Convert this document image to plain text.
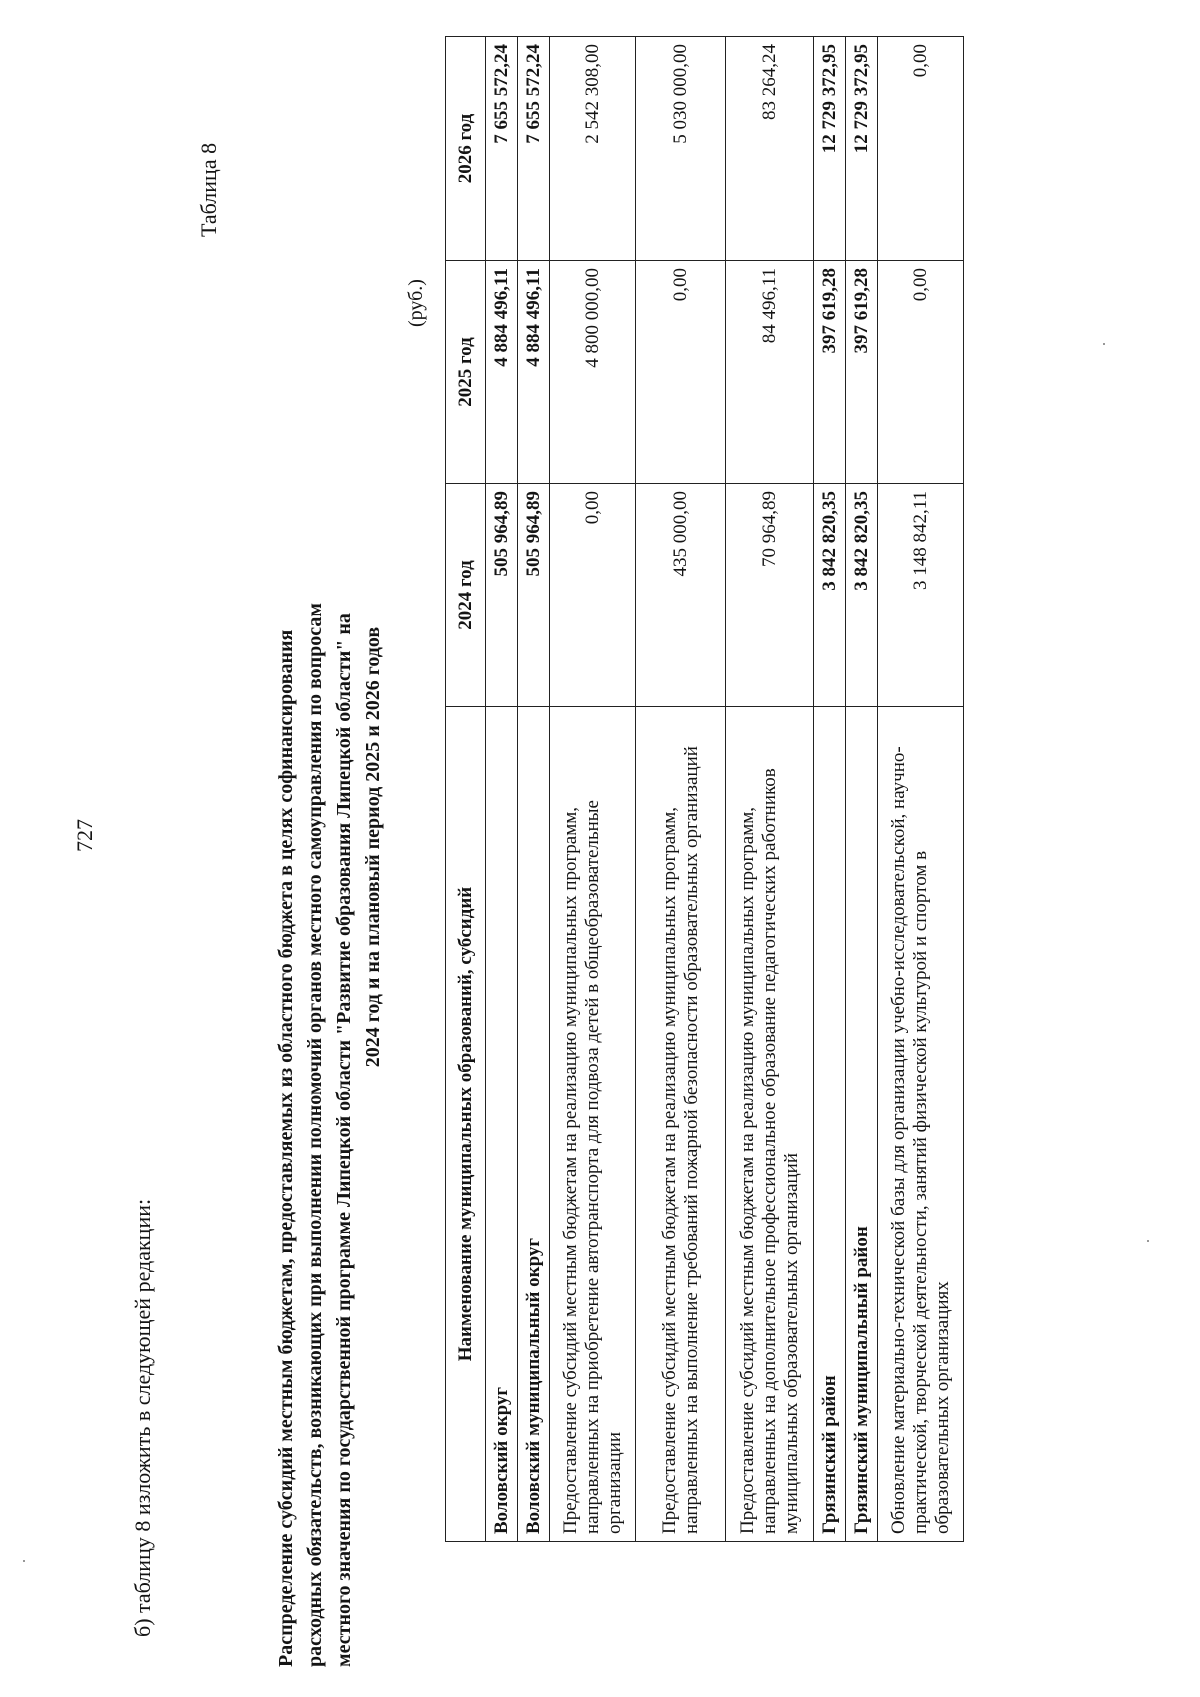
727
б) таблицу 8 изложить в следующей редакции:
Таблица 8
Распределение субсидий местным бюджетам, предоставляемых из областного бюджета в целях софинансирования расходных обязательств, возникающих при выполнении полномочий органов местного самоуправления по вопросам местного значения по государственной программе Липецкой области "Развитие образования Липецкой области" на 2024 год и на плановый период 2025 и 2026 годов
(руб.)
Наименование муниципальных образований, субсидий	2024 год	2025 год	2026 год
Воловский округ	505 964,89	4 884 496,11	7 655 572,24
Воловский муниципальный округ	505 964,89	4 884 496,11	7 655 572,24
Предоставление субсидий местным бюджетам на реализацию муниципальных программ, направленных на приобретение автотранспорта для подвоза детей в общеобразовательные организации	0,00	4 800 000,00	2 542 308,00
Предоставление субсидий местным бюджетам на реализацию муниципальных программ, направленных на выполнение требований пожарной безопасности образовательных организаций	435 000,00	0,00	5 030 000,00
Предоставление субсидий местным бюджетам на реализацию муниципальных программ, направленных на дополнительное профессиональное образование педагогических работников муниципальных образовательных организаций	70 964,89	84 496,11	83 264,24
Грязинский район	3 842 820,35	397 619,28	12 729 372,95
Грязинский муниципальный район	3 842 820,35	397 619,28	12 729 372,95
Обновление материально-технической базы для организации учебно-исследовательской, научно-практической, творческой деятельности, занятий физической культурой и спортом в образовательных организациях	3 148 842,11	0,00	0,00
